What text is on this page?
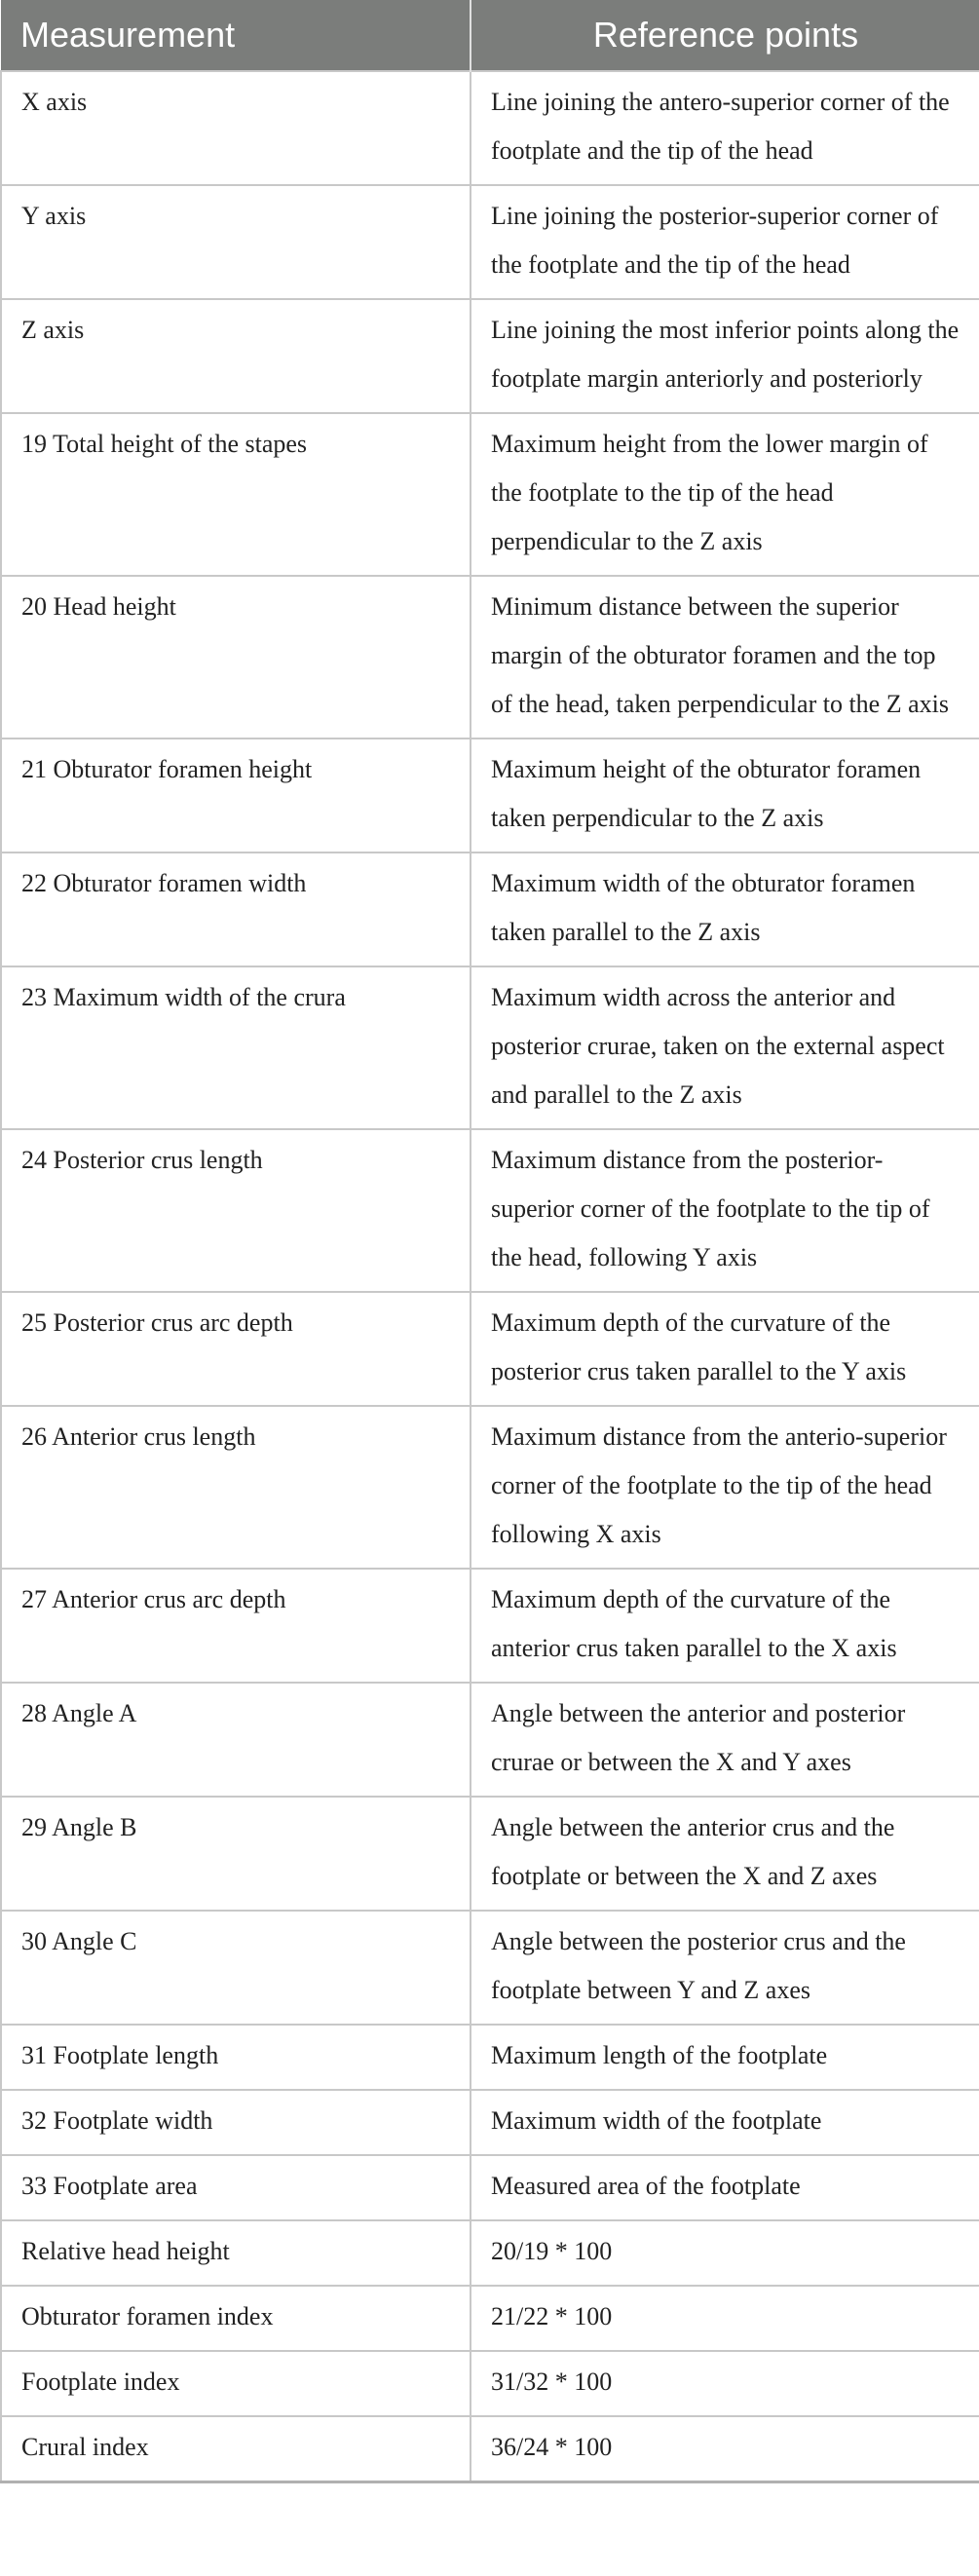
Measurement	Reference points
X axis	Line joining the antero-superior corner of the footplate and the tip of the head
Y axis	Line joining the posterior-superior corner of the footplate and the tip of the head
Z axis	Line joining the most inferior points along the footplate margin anteriorly and posteriorly
19 Total height of the stapes	Maximum height from the lower margin of the footplate to the tip of the head perpendicular to the Z axis
20 Head height	Minimum distance between the superior margin of the obturator foramen and the top of the head, taken perpendicular to the Z axis
21 Obturator foramen height	Maximum height of the obturator foramen taken perpendicular to the Z axis
22 Obturator foramen width	Maximum width of the obturator foramen taken parallel to the Z axis
23 Maximum width of the crura	Maximum width across the anterior and posterior crurae, taken on the external aspect and parallel to the Z axis
24 Posterior crus length	Maximum distance from the posterior-superior corner of the footplate to the tip of the head, following Y axis
25 Posterior crus arc depth	Maximum depth of the curvature of the posterior crus taken parallel to the Y axis
26 Anterior crus length	Maximum distance from the anterio-superior corner of the footplate to the tip of the head following X axis
27 Anterior crus arc depth	Maximum depth of the curvature of the anterior crus taken parallel to the X axis
28 Angle A	Angle between the anterior and posterior crurae or between the X and Y axes
29 Angle B	Angle between the anterior crus and the footplate or between the X and Z axes
30 Angle C	Angle between the posterior crus and the footplate between Y and Z axes
31 Footplate length	Maximum length of the footplate
32 Footplate width	Maximum width of the footplate
33 Footplate area	Measured area of the footplate
Relative head height	20/19 * 100
Obturator foramen index	21/22 * 100
Footplate index	31/32 * 100
Crural index	36/24 * 100
